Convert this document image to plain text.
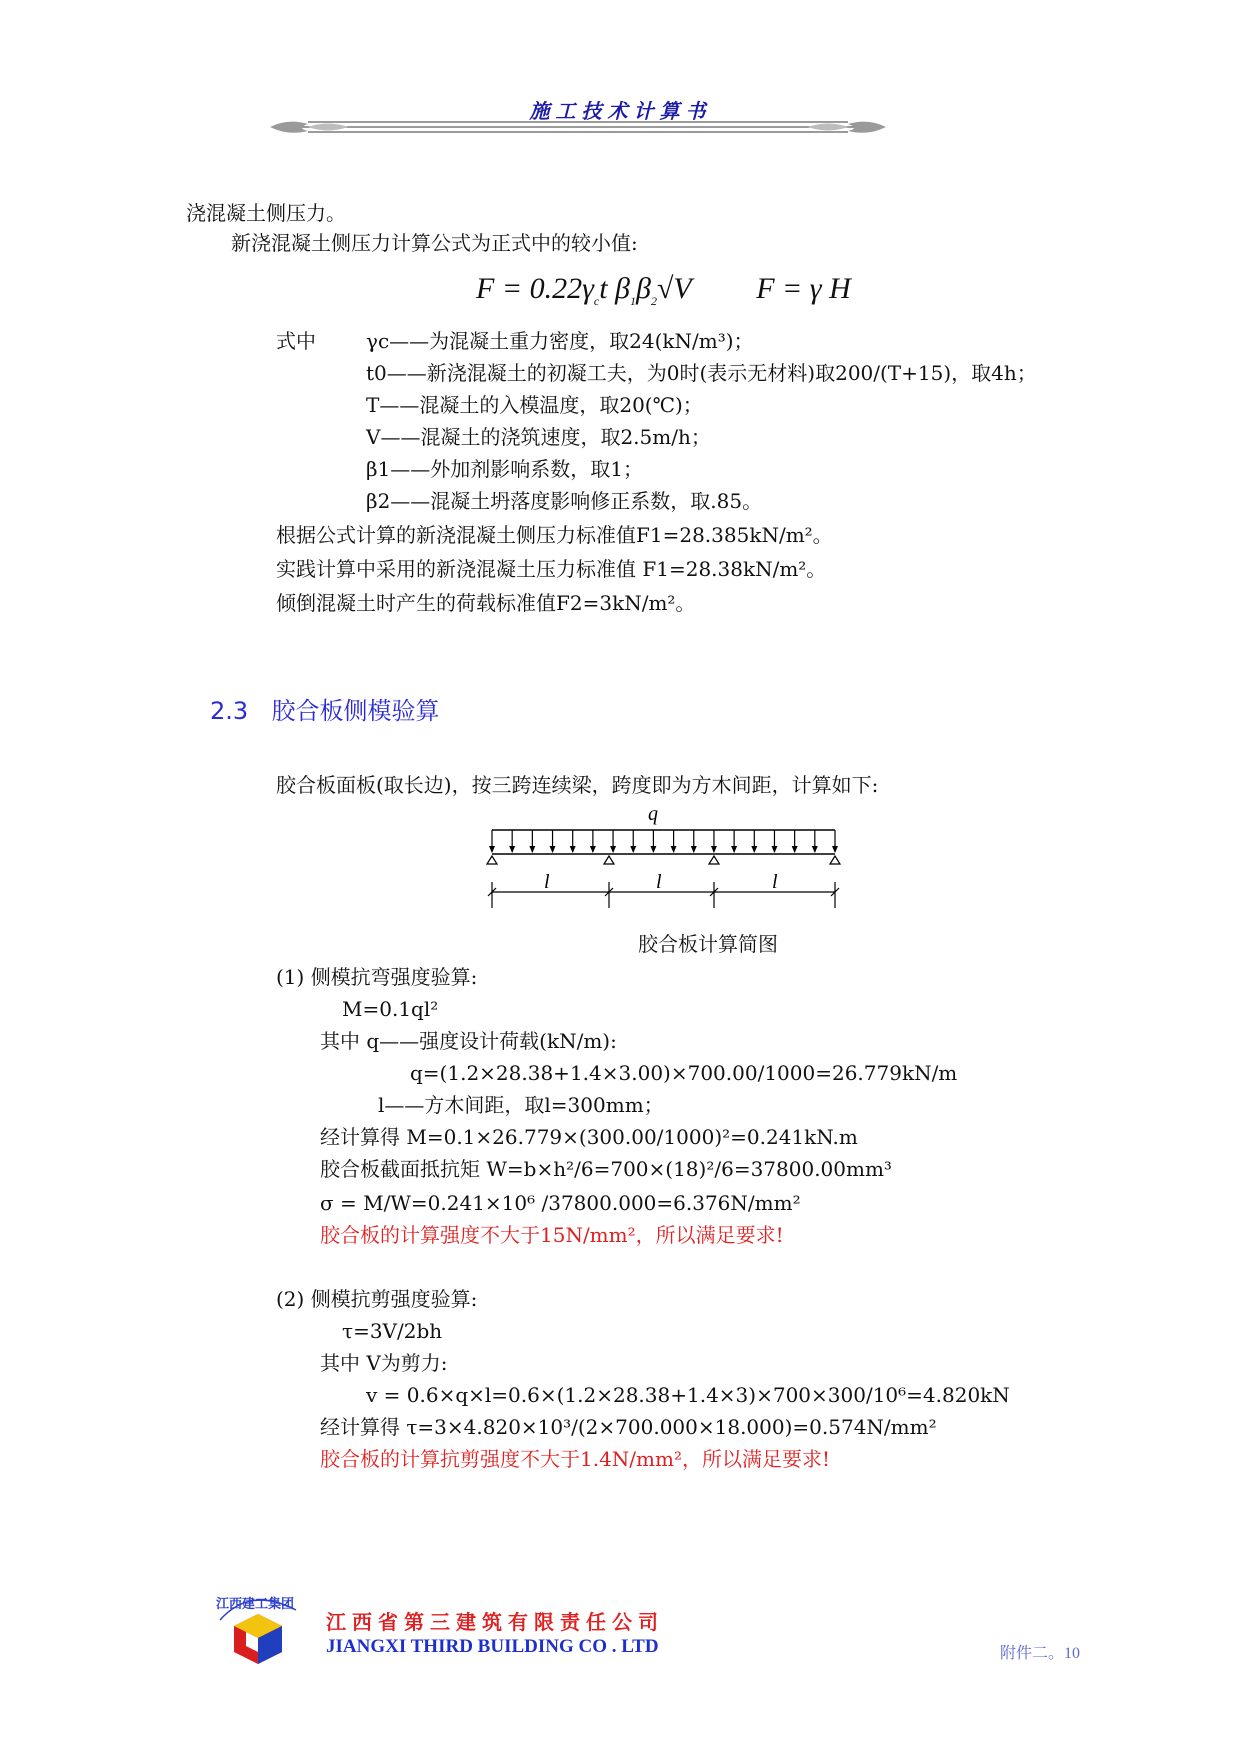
施工技术计算书
浇混凝土侧压力。
新浇混凝土侧压力计算公式为正式中的较小值:
$F = 0.22\gamma_ct$ $\beta_1\beta_2√V$ F = γ H
式中	γc——为混凝土重力密度，取24(kN/m³)；
t0——新浇混凝土的初凝工夫，为0时(表示无材料)取200/(T+15)，取4h；
T——混凝土的入模温度，取20(℃)；
V——混凝土的浇筑速度，取2.5m/h；
β1——外加剂影响系数，取1；
β2——混凝土坍落度影响修正系数，取.85。
根据公式计算的新浇混凝土侧压力标准值F1=28.385kN/m²。
实践计算中采用的新浇混凝土压力标准值 F1=28.38kN/m²。
倾倒混凝土时产生的荷载标准值F2=3kN/m²。
2.3 胶合板侧模验算
胶合板面板(取长边)，按三跨连续梁，跨度即为方木间距，计算如下:
q
l	l	l
胶合板计算简图
(1) 侧模抗弯强度验算:
M=0.1ql²
其中 q——强度设计荷载(kN/m):
q=(1.2×28.38+1.4×3.00)×700.00/1000=26.779kN/m
l——方木间距，取l=300mm；
经计算得 M=0.1×26.779×(300.00/1000)²=0.241kN.m
胶合板截面抵抗矩 W=b×h²/6=700×(18)²/6=37800.00mm³
σ = M/W=0.241×10⁶ /37800.000=6.376N/mm²
胶合板的计算强度不大于15N/mm²，所以满足要求!
(2) 侧模抗剪强度验算:
τ=3V/2bh
其中 V为剪力:
v = 0.6×q×l=0.6×(1.2×28.38+1.4×3)×700×300/10⁶=4.820kN
经计算得 τ=3×4.820×10³/(2×700.000×18.000)=0.574N/mm²
胶合板的计算抗剪强度不大于1.4N/mm²，所以满足要求!
江西建工集团
江西省第三建筑有限责任公司
JIANGXI THIRD BUILDING CO . LTD	附件二。10
